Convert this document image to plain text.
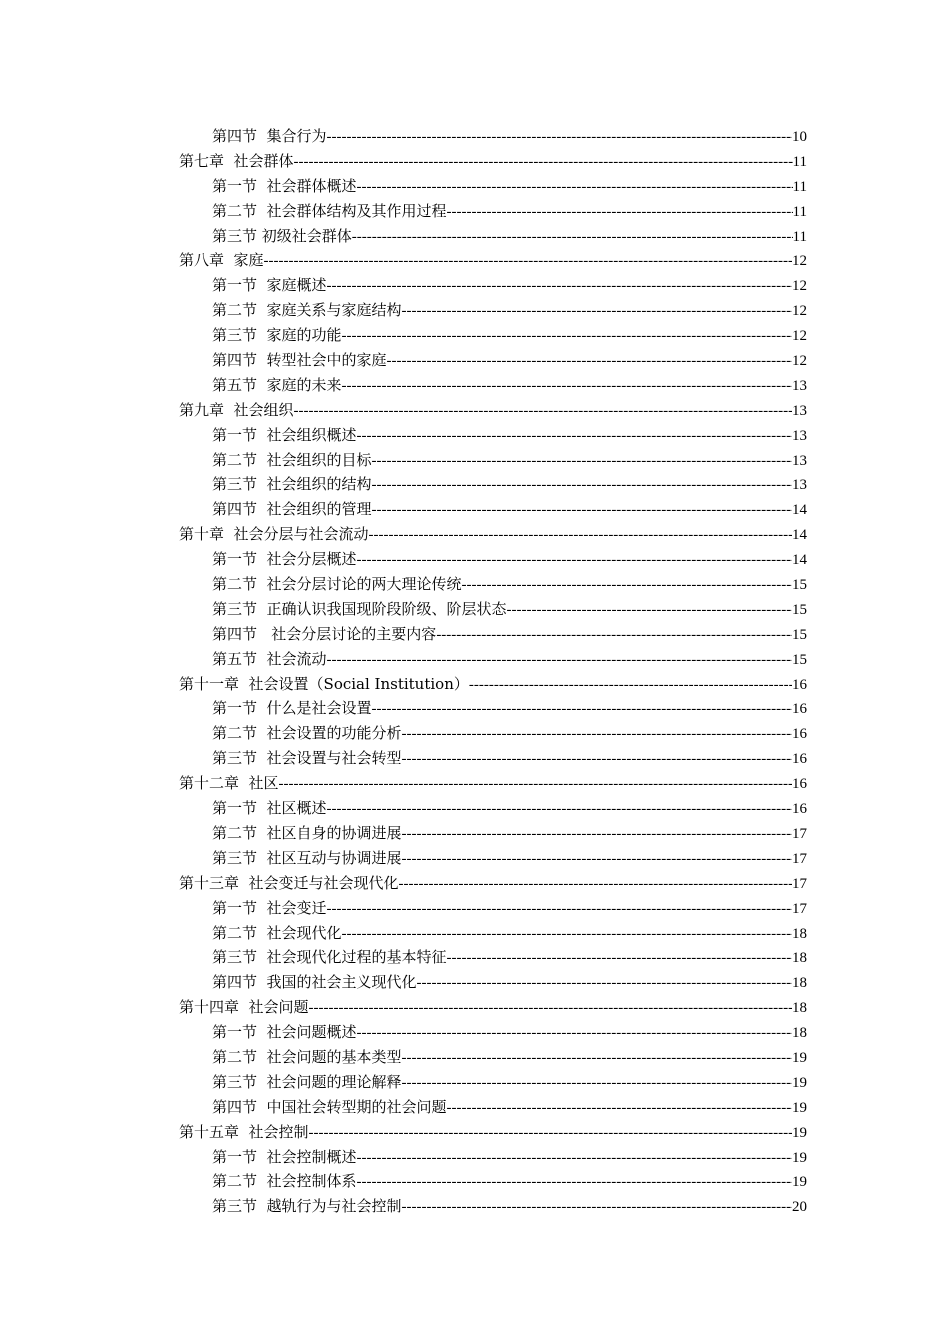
第四节  集合行为 -----	10
第七章  社会群体 -----	11
第一节  社会群体概述 -----	11
第二节  社会群体结构及其作用过程 -----	11
第三节 初级社会群体 -----	11
第八章  家庭 -----	12
第一节  家庭概述 -----	12
第二节  家庭关系与家庭结构 -----	12
第三节  家庭的功能 -----	12
第四节  转型社会中的家庭 -----	12
第五节  家庭的未来 -----	13
第九章  社会组织 -----	13
第一节  社会组织概述 -----	13
第二节  社会组织的目标 -----	13
第三节  社会组织的结构 -----	13
第四节  社会组织的管理 -----	14
第十章  社会分层与社会流动 -----	14
第一节  社会分层概述 -----	14
第二节  社会分层讨论的两大理论传统 -----	15
第三节  正确认识我国现阶段阶级、阶层状态 -----	15
第四节   社会分层讨论的主要内容 -----	15
第五节  社会流动 -----	15
第十一章  社会设置（Social Institution） -----	16
第一节  什么是社会设置 -----	16
第二节  社会设置的功能分析 -----	16
第三节  社会设置与社会转型 -----	16
第十二章  社区 -----	16
第一节  社区概述 -----	16
第二节  社区自身的协调进展 -----	17
第三节  社区互动与协调进展 -----	17
第十三章  社会变迁与社会现代化 -----	17
第一节  社会变迁 -----	17
第二节  社会现代化 -----	18
第三节  社会现代化过程的基本特征 -----	18
第四节  我国的社会主义现代化 -----	18
第十四章  社会问题 -----	18
第一节  社会问题概述 -----	18
第二节  社会问题的基本类型 -----	19
第三节  社会问题的理论解释 -----	19
第四节  中国社会转型期的社会问题 -----	19
第十五章  社会控制 -----	19
第一节  社会控制概述 -----	19
第二节  社会控制体系 -----	19
第三节  越轨行为与社会控制 -----	20
